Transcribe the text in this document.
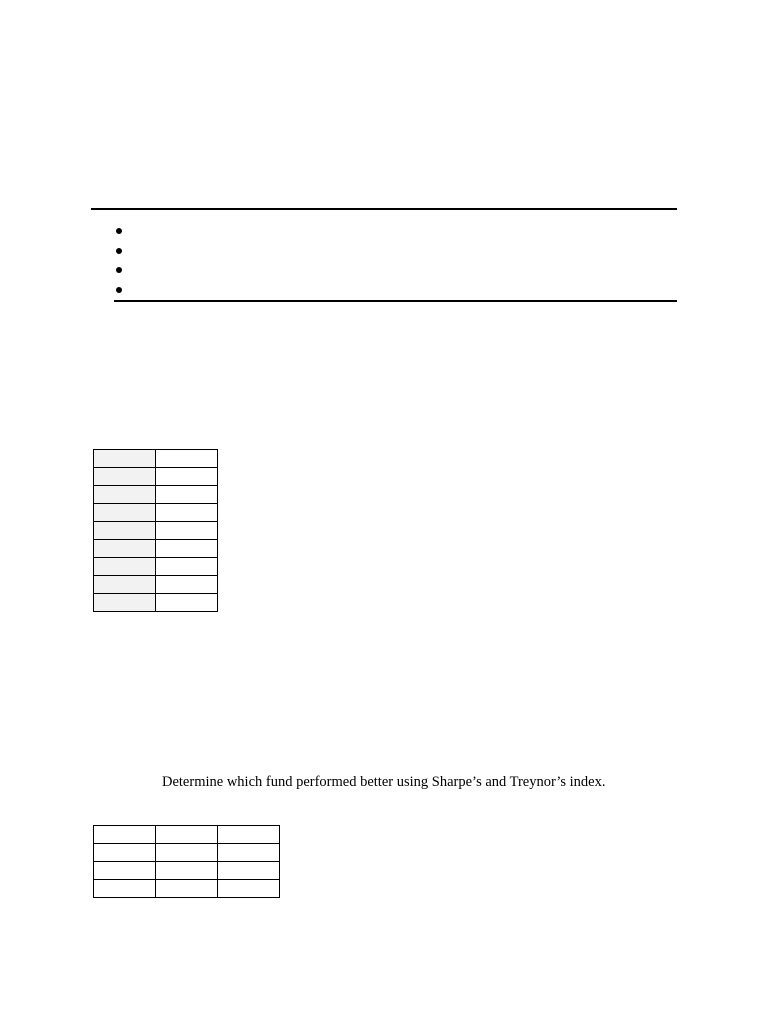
Determine which fund performed better using Sharpe’s and Treynor’s index.
